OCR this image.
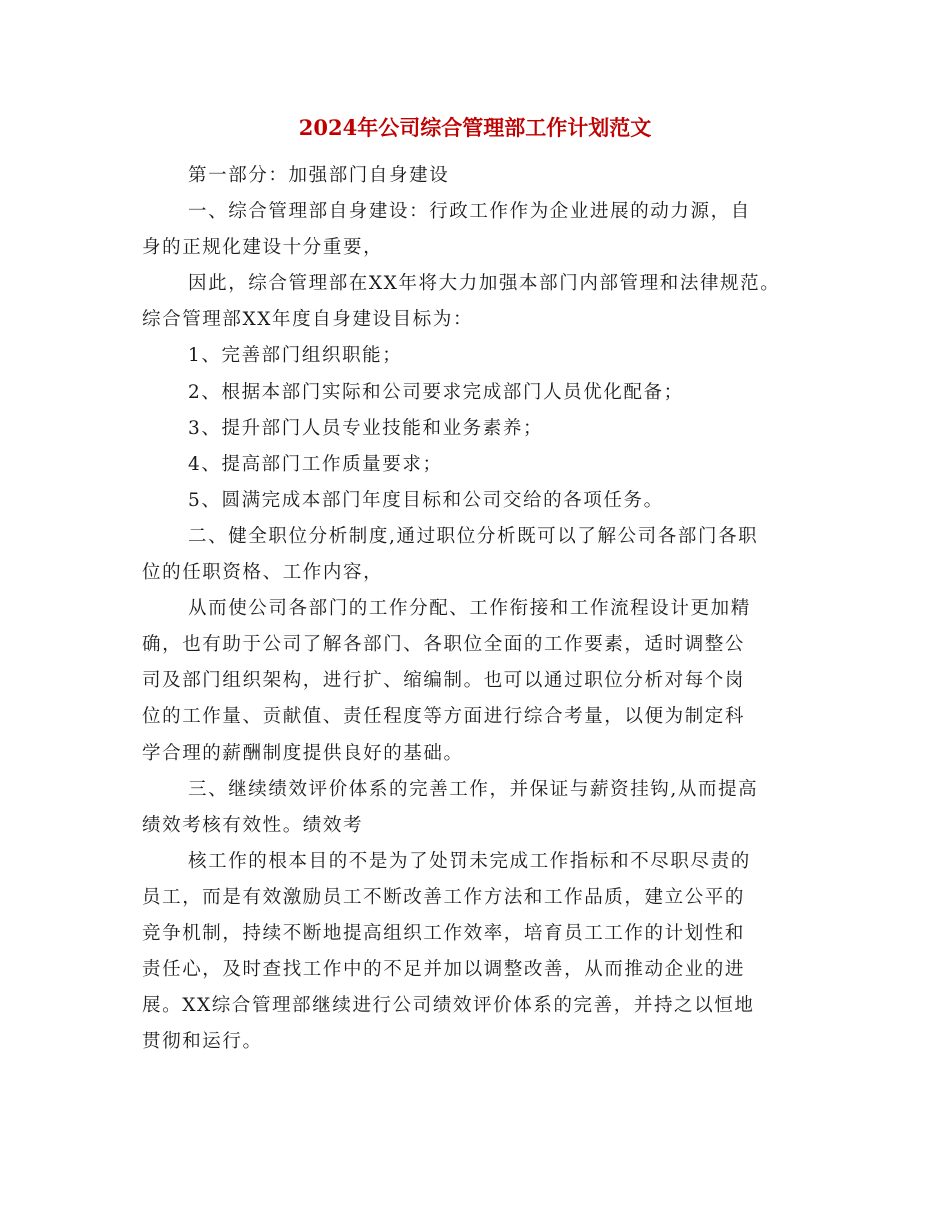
2024年公司综合管理部工作计划范文

第一部分：加强部门自身建设

一、综合管理部自身建设：行政工作作为企业进展的动力源，自

身的正规化建设十分重要，

因此，综合管理部在XX年将大力加强本部门内部管理和法律规范。

综合管理部XX年度自身建设目标为：

1、完善部门组织职能；

2、根据本部门实际和公司要求完成部门人员优化配备；

3、提升部门人员专业技能和业务素养；

4、提高部门工作质量要求；

5、圆满完成本部门年度目标和公司交给的各项任务。

二、健全职位分析制度,通过职位分析既可以了解公司各部门各职

位的任职资格、工作内容，

从而使公司各部门的工作分配、工作衔接和工作流程设计更加精

确，也有助于公司了解各部门、各职位全面的工作要素，适时调整公

司及部门组织架构，进行扩、缩编制。也可以通过职位分析对每个岗

位的工作量、贡献值、责任程度等方面进行综合考量，以便为制定科

学合理的薪酬制度提供良好的基础。

三、继续绩效评价体系的完善工作，并保证与薪资挂钩,从而提高

绩效考核有效性。绩效考

核工作的根本目的不是为了处罚未完成工作指标和不尽职尽责的

员工，而是有效激励员工不断改善工作方法和工作品质，建立公平的

竞争机制，持续不断地提高组织工作效率，培育员工工作的计划性和

责任心，及时查找工作中的不足并加以调整改善，从而推动企业的进

展。XX综合管理部继续进行公司绩效评价体系的完善，并持之以恒地

贯彻和运行。
